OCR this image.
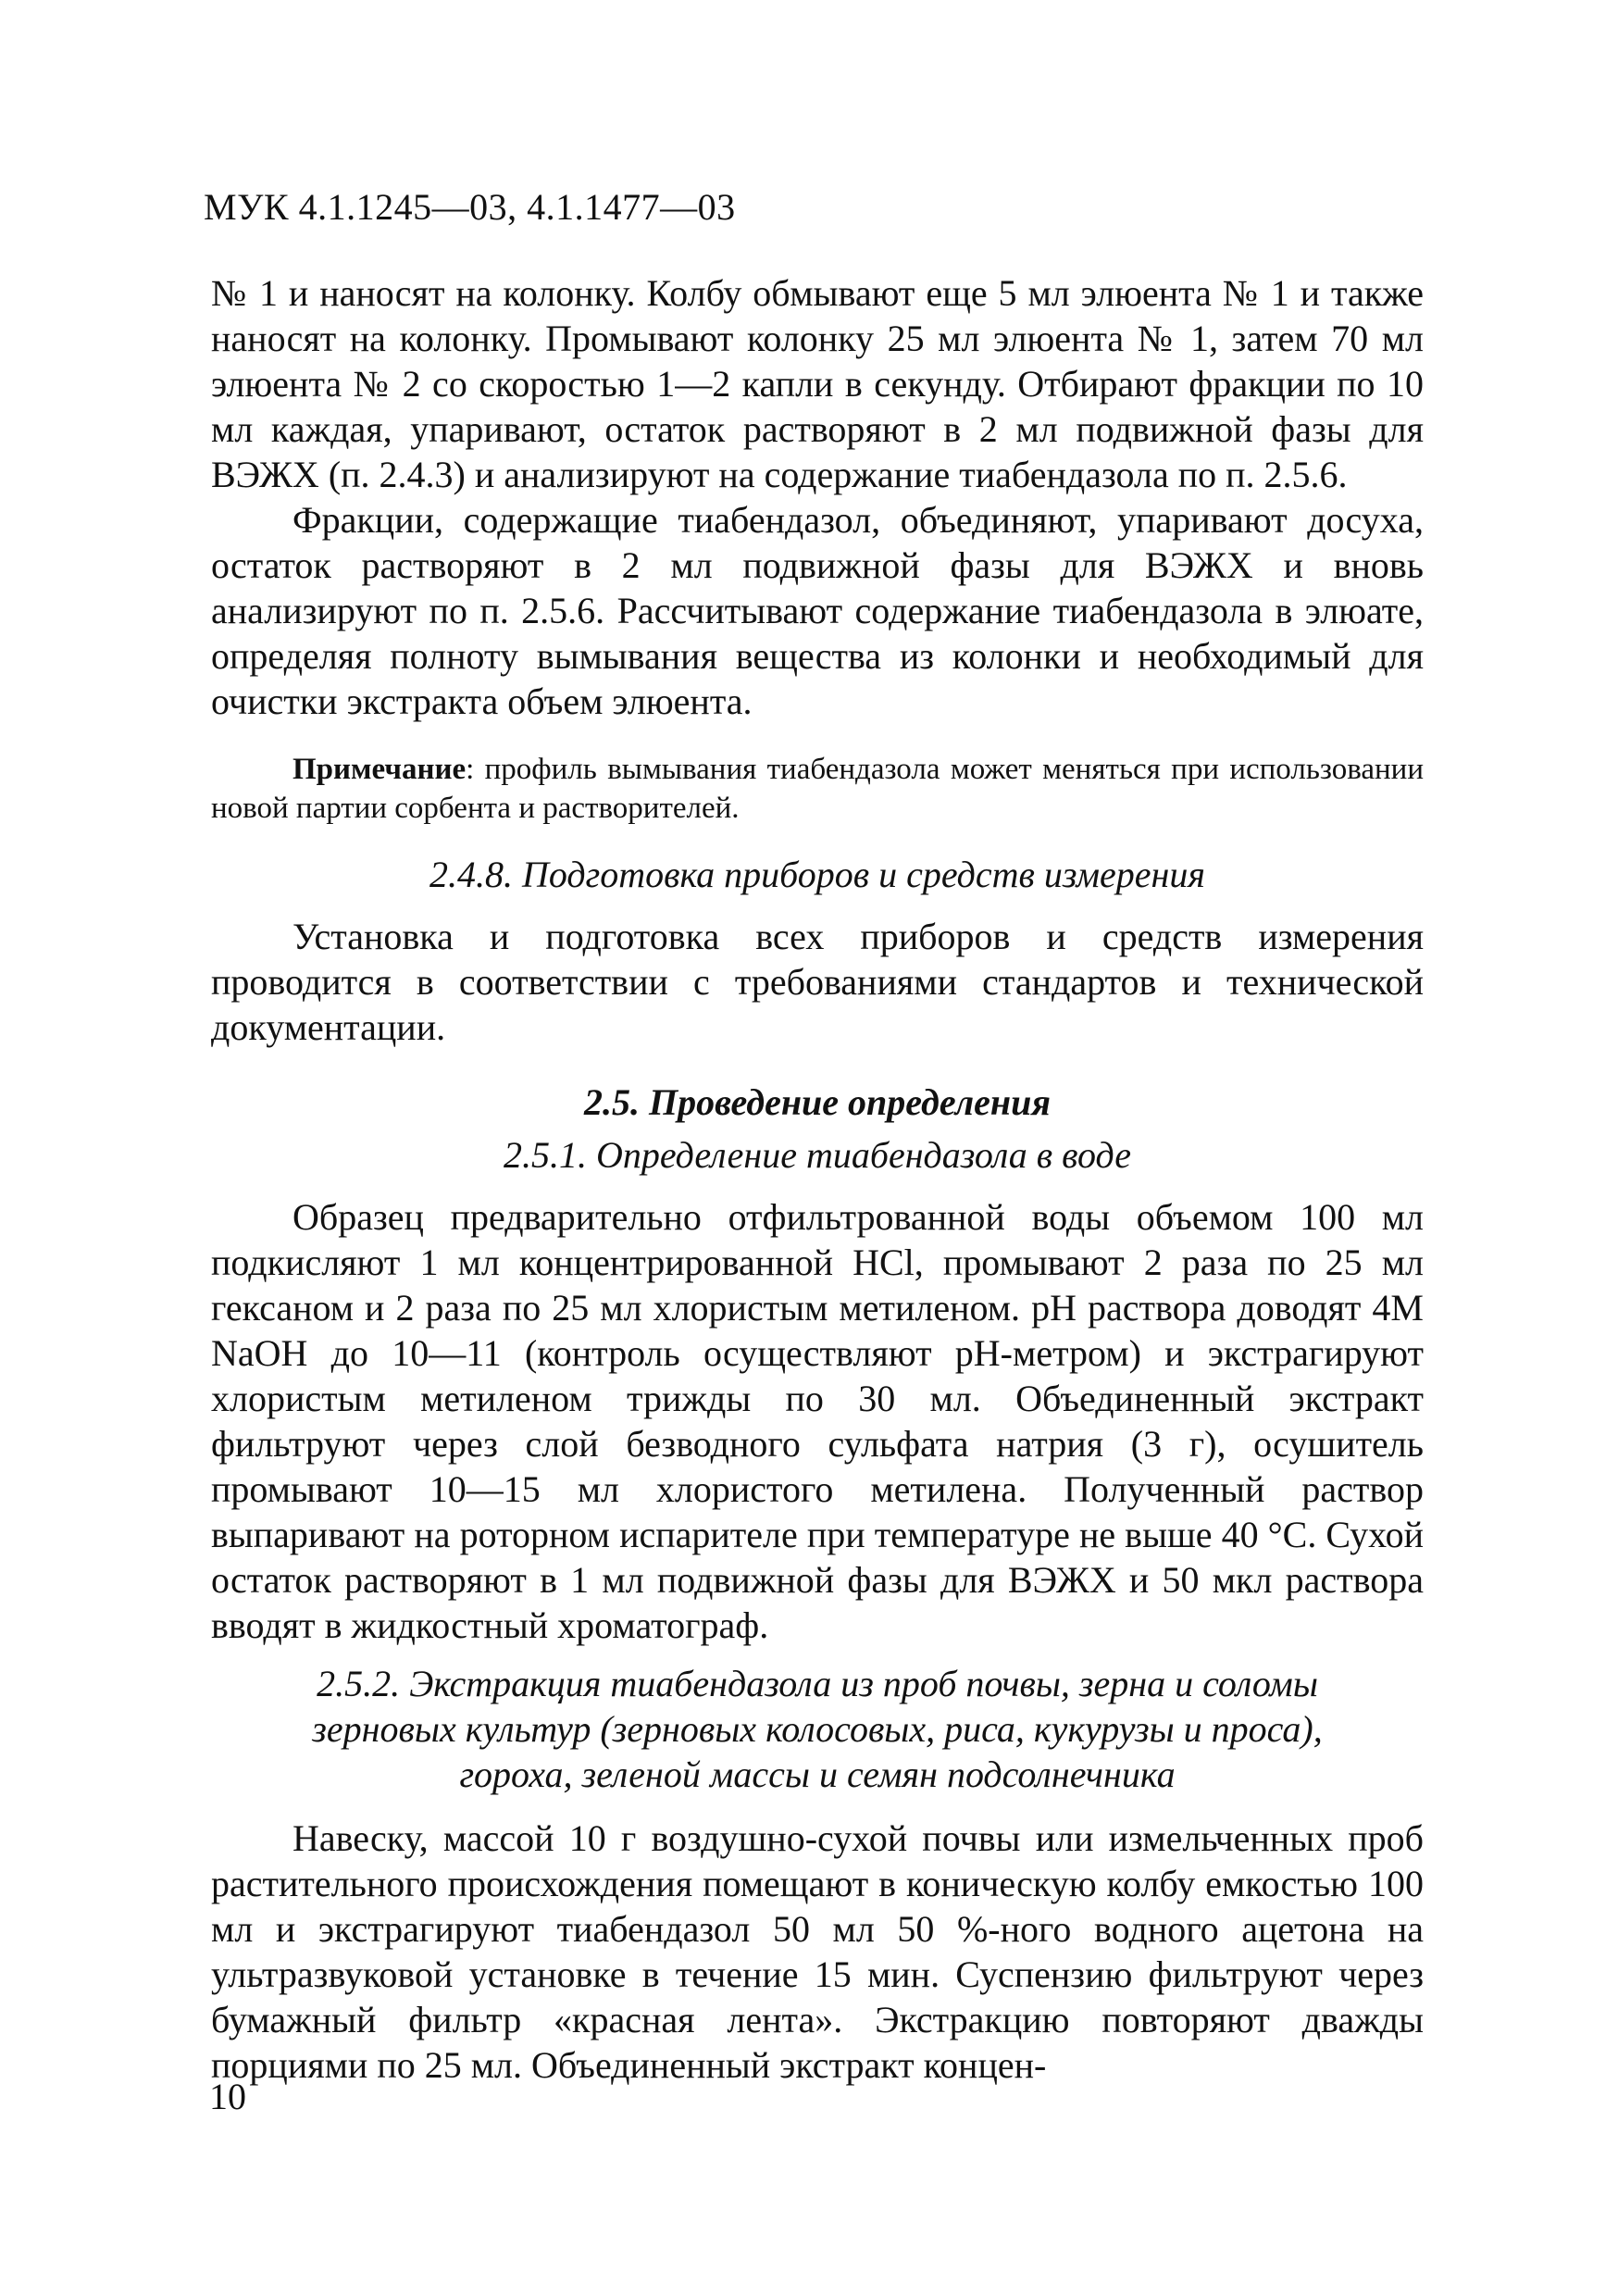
МУК 4.1.1245—03, 4.1.1477—03

№ 1 и наносят на колонку. Колбу обмывают еще 5 мл элюента № 1 и также наносят на колонку. Промывают колонку 25 мл элюента № 1, затем 70 мл элюента № 2 со скоростью 1—2 капли в секунду. Отбирают фракции по 10 мл каждая, упаривают, остаток растворяют в 2 мл подвижной фазы для ВЭЖХ (п. 2.4.3) и анализируют на содержание тиабендазола по п. 2.5.6.

Фракции, содержащие тиабендазол, объединяют, упаривают досуха, остаток растворяют в 2 мл подвижной фазы для ВЭЖХ и вновь анализируют по п. 2.5.6. Рассчитывают содержание тиабендазола в элюате, определяя полноту вымывания вещества из колонки и необходимый для очистки экстракта объем элюента.

Примечание: профиль вымывания тиабендазола может меняться при использовании новой партии сорбента и растворителей.

2.4.8. Подготовка приборов и средств измерения

Установка и подготовка всех приборов и средств измерения проводится в соответствии с требованиями стандартов и технической документации.

2.5. Проведение определения
2.5.1. Определение тиабендазола в воде

Образец предварительно отфильтрованной воды объемом 100 мл подкисляют 1 мл концентрированной HCl, промывают 2 раза по 25 мл гексаном и 2 раза по 25 мл хлористым метиленом. pH раствора доводят 4M NaOH до 10—11 (контроль осуществляют pH-метром) и экстрагируют хлористым метиленом трижды по 30 мл. Объединенный экстракт фильтруют через слой безводного сульфата натрия (3 г), осушитель промывают 10—15 мл хлористого метилена. Полученный раствор выпаривают на роторном испарителе при температуре не выше 40 °С. Сухой остаток растворяют в 1 мл подвижной фазы для ВЭЖХ и 50 мкл раствора вводят в жидкостный хроматограф.

2.5.2. Экстракция тиабендазола из проб почвы, зерна и соломы
зерновых культур (зерновых колосовых, риса, кукурузы и проса),
гороха, зеленой массы и семян подсолнечника

Навеску, массой 10 г воздушно-сухой почвы или измельченных проб растительного происхождения помещают в коническую колбу емкостью 100 мл и экстрагируют тиабендазол 50 мл 50 %-ного водного ацетона на ультразвуковой установке в течение 15 мин. Суспензию фильтруют через бумажный фильтр «красная лента». Экстракцию повторяют дважды порциями по 25 мл. Объединенный экстракт концен-

10
